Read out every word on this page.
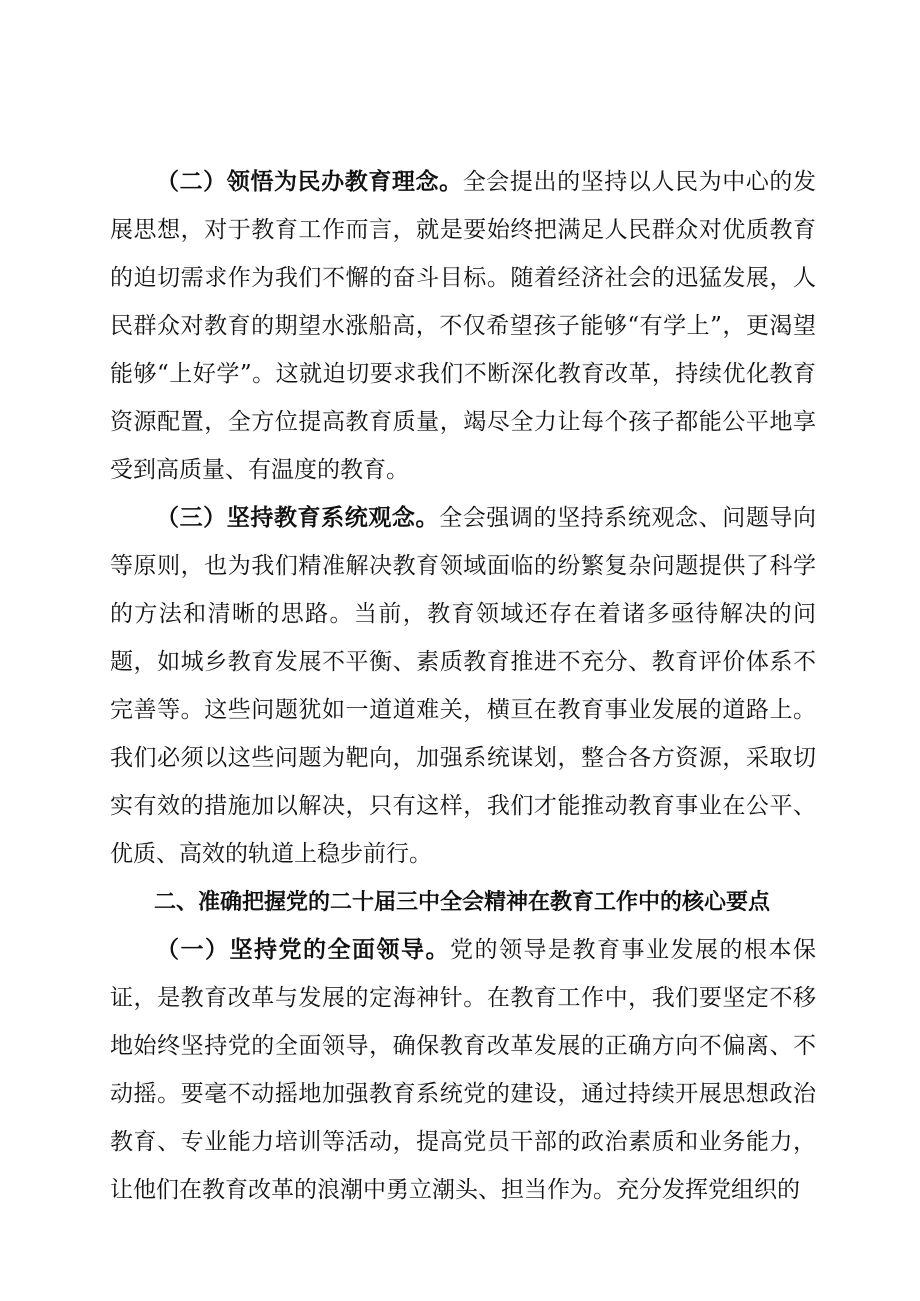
（二）领悟为民办教育理念。全会提出的坚持以人民为中心的发展思想，对于教育工作而言，就是要始终把满足人民群众对优质教育的迫切需求作为我们不懈的奋斗目标。随着经济社会的迅猛发展，人民群众对教育的期望水涨船高，不仅希望孩子能够“有学上”，更渴望能够“上好学”。这就迫切要求我们不断深化教育改革，持续优化教育资源配置，全方位提高教育质量，竭尽全力让每个孩子都能公平地享受到高质量、有温度的教育。

（三）坚持教育系统观念。全会强调的坚持系统观念、问题导向等原则，也为我们精准解决教育领域面临的纷繁复杂问题提供了科学的方法和清晰的思路。当前，教育领域还存在着诸多亟待解决的问题，如城乡教育发展不平衡、素质教育推进不充分、教育评价体系不完善等。这些问题犹如一道道难关，横亘在教育事业发展的道路上。我们必须以这些问题为靶向，加强系统谋划，整合各方资源，采取切实有效的措施加以解决，只有这样，我们才能推动教育事业在公平、优质、高效的轨道上稳步前行。

二、准确把握党的二十届三中全会精神在教育工作中的核心要点

（一）坚持党的全面领导。党的领导是教育事业发展的根本保证，是教育改革与发展的定海神针。在教育工作中，我们要坚定不移地始终坚持党的全面领导，确保教育改革发展的正确方向不偏离、不动摇。要毫不动摇地加强教育系统党的建设，通过持续开展思想政治教育、专业能力培训等活动，提高党员干部的政治素质和业务能力，让他们在教育改革的浪潮中勇立潮头、担当作为。充分发挥党组织的
